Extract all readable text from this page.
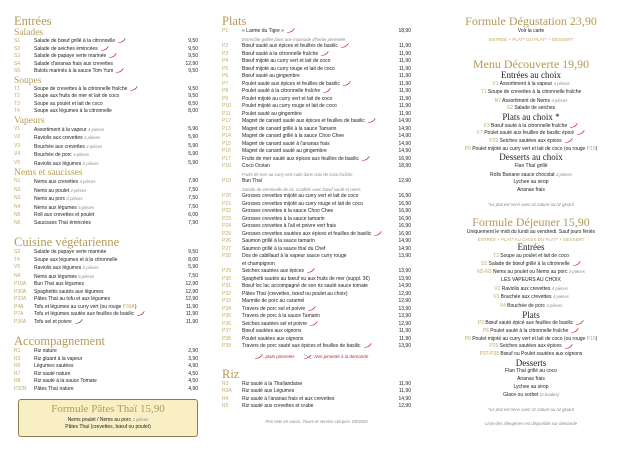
Entrées
Salades
S1	Salade de bœuf grillé à la citronnelle	9,50
S2	Salade de seiches émincées	9,50
S3	Salade de papaye verte marinée	9,50
S4	Salade d'ananas frais aux crevettes	12,90
S5	Bulots marinés à la sauce Tom Yum	9,50
Soupes
T1	Soupe de crevettes à la citronnelle fraîche	9,50
T2	Soupe aux fruits de mer et lait de coco	9,50
T3	Soupe au poulet et lait de coco	8,50
T4	Soupe aux légumes à la citronnelle	8,00
Vapeurs
V1	Assortiment à la vapeur 4 pièces	5,90
V2	Raviolis aux crevettes 4 pièces	5,90
V3	Bouchée aux crevettes 4 pièces	5,90
V4	Bouchée de porc 4 pièces	5,90
V5	Raviolis aux légumes 5 pièces	5,90
Nems et saucisses
N1	Nems aux crevettes 4 pièces	7,90
N2	Nems au poulet 4 pièces	7,50
N3	Nems au porc 4 pièces	7,50
N4	Nems aux légumes 5 pièces	7,50
N5	Roll aux crevettes et poulet	6,00
N6	Saucisses Thaï émincées	7,90
Cuisine végétarienne
S3	Salade de papaye verte marinée	9,50
T4	Soupe aux légumes et à la citronnelle	8,00
V5	Raviolis aux légumes 5 pièces	5,90
N4	Nems aux légumes 5 pièces	7,50
P19A	Bun Thaï aux légumes	12,90
P30A	Spaghettis sautés aux légumes	12,90
P32A	Pâtes Thaï au tofu et aux légumes	12,90
P4A	Tofu et légumes au curry vert (ou rouge P30A)	11,90
P7A	Tofu et légumes sautés aux feuilles de basilic	11,90
P36A	Tofu sel et poivre	11,90
Accompagnement
R1	Riz nature	2,90
R2	Riz gluant à la vapeur	3,90
R6	Légumes sautées	4,90
R7	Riz sauté nature	4,50
R8	Riz sauté à la sauce Tomate	4,50
P32N	Pâtes Thaï nature	4,90
Formule Pâtes Thaï 15,90
Nems poulet / Nems au porc 3 pièces
Pâtes Thaï (crevettes, bœuf ou poulet)
Plats
P1	« Larme du Tigre »	18,90
Entrecôte grillée dans une marinade d'herbe pimentée
P2	Bœuf sauté aux épices et feuilles de basilic	11,90
P3	Bœuf sauté à la citronnelle fraîche	11,90
P4	Bœuf mijoté au curry vert et lait de coco	11,90
P5	Bœuf mijoté au curry rouge et lait de coco	11,90
P6	Bœuf sauté au gingembre	11,90
P7	Poulet sauté aux épices et feuilles de basilic	11,90
P8	Poulet sauté à la citronnelle fraîche	11,90
P9	Poulet mijoté au curry vert et lait de coco	11,90
P10	Poulet mijoté au curry rouge et lait de coco	11,90
P11	Poulet sauté au gingembre	11,90
P12	Magret de canard sauté aux épices et feuilles de basilic	14,90
P13	Magret de canard grillé à la sauce Tamarin	14,90
P14	Magret de canard grillé à la sauce Choo Chee	14,90
P15	Magret de canard sauté à l'ananas frais	14,90
P16	Magret de canard sauté au gingembre	14,90
P17	Fruits de mer sauté aux épices aux feuilles de basilic	16,90
P18	Coco Océan	18,90
Fruits de mer au curry vert cuits dans noix de coco fraîche
P19	Bun Thaï	12,90
Salade de vermicelle de riz, crudités avec bœuf sauté et nems
P20	Grosses crevettes mijoté au curry vert et lait de coco	16,90
P21	Grosses crevettes mijoté au curry rouge et lait de coco	16,90
P22	Grosses crevettes à la sauce Choo Chee	16,90
P23	Grosses crevettes à la sauce tamarin	16,90
P24	Grosses crevettes à l'ail et poivre vert frais	16,90
P25	Grosses crevettes sautées aux épices et feuilles de basilic	16,90
P26	Saumon grillé à la sauce tamarin	14,90
P27	Saumon grillé à la sauce thaï du Chef	14,90
P28	Dos de cabillaud à la vapeur sauce curry rouge	13,90
et champignon
P29	Seiches sautées aux épices	13,90
P30	Spaghetti sautés au bœuf ou aux fruits de mer (suppl. 3€)	13,90
P31	Bœuf loc lac accompagné de son riz sauté sauce tomate	14,90
P32	Pâtes Thaï (crevettes, bœuf ou poulet au choix)	12,90
P33	Marmite de porc au caramel	12,90
P34	Travers de porc sel et poivre	13,90
P35	Travers de porc à la sauce Tamarin	13,90
P36	Seiches sautées sel et poivre	12,90
P37	Bœuf sautées aux oignons	11,90
P38	Poulet sautées aux oignons	11,90
P39	Travers de porc sauté aux épices et feuilles de basilic	13,90
: plats pimentés	: Non pimenté à la demande
Riz
R3	Riz sauté à la Thaïlandaise	11,90
R3A	Riz sauté aux Légumes	11,90
R4	Riz sauté à l'ananas frais et aux crevettes	14,90
R5	Riz sauté aux crevettes et crabe	12,90
Prix nets en euros. Taxes et service compris. 05/2020
Formule Dégustation 23,90
Voir la carte
ENTRÉE + PLAT* OU PLAT* + DESSERT
Menu Découverte 19,90
Entrées au choix
V1 Assortiment à la vapeur 4 pièces
T1 Soupe de crevettes à la citronnelle fraîche
N7 Assortiment de Nems 4 pièces
S2 Salade de seiches
Plats au choix *
F3 Bœuf sauté à la citronnelle fraîche
F7 Poulet sauté aux feuilles de basilic épicé
P29 Seiches sautées aux épices
P9 Poulet mijoté au curry vert et lait de coco (ou rouge P10)
Desserts au choix
Flan Thaï grillé
Rolls Banane sauce chocolat 3 pièces
Lychee au sirop
Ananas frais
*Le plat est servi avec riz nature ou riz gluant
Formule Déjeuner 15,90
Uniquement le midi du lundi au vendredi. Sauf jours fériés
ENTRÉE + PLAT* AU CHOIX DU PLAT* + DESSERT
Entrées
T3 Soupe au poulet et lait de coco
S1 Salade de bœuf grillé à la citronnelle
N2-N3 Nems au poulet ou Nems au porc 3 pièces
LES VAPEURS AU CHOIX
V2 Raviolis aux crevettes 4 pièces
V3 Bouchée aux crevettes 4 pièces
V4 Bouchée de porc 4 pièces
Plats
P2 Bœuf sauté épicé aux feuilles de basilic
P8 Poulet sauté à la citronnelle fraîche
P9 Poulet mijoté au curry vert et lait de coco (ou rouge P10)
P29 Seiches sautées aux épices
P37-P38 Bœuf ou Poulet sautées aux oignons
Desserts
Flan Thaï grillé au coco
Ananas frais
Lychee au sirop
Glace ou sorbet (2 boules)
*Le plat est servi avec riz nature ou riz gluant
Liste des allergènes est disponible sur demande
